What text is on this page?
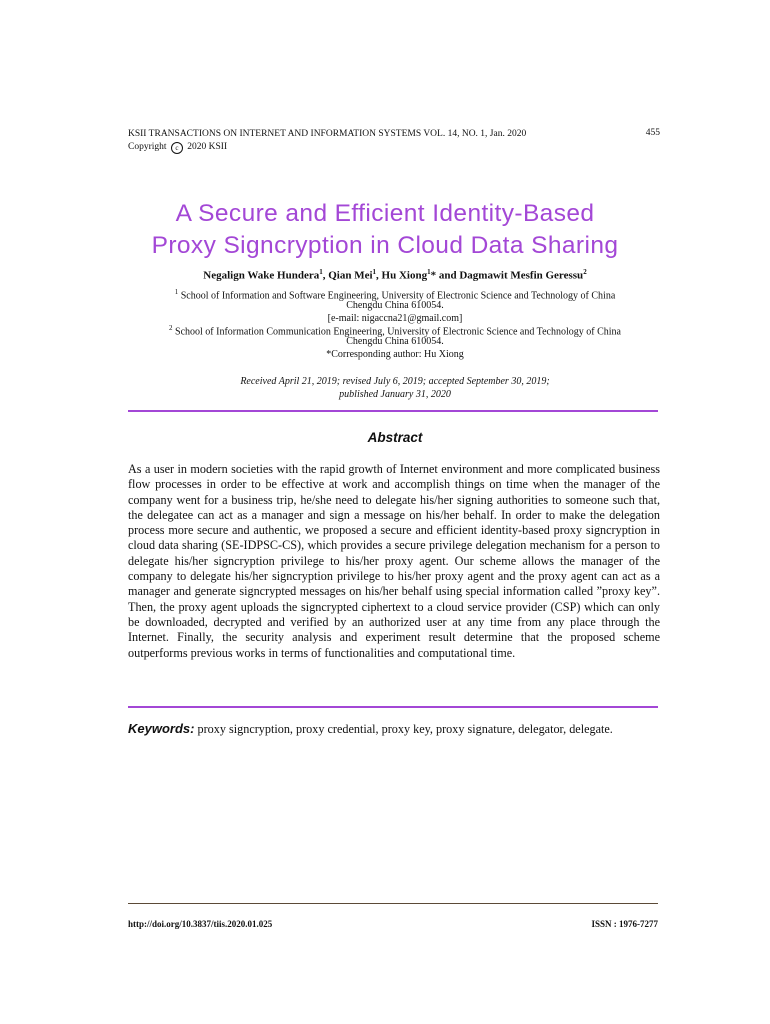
KSII TRANSACTIONS ON INTERNET AND INFORMATION SYSTEMS VOL. 14, NO. 1, Jan. 2020
Copyright c 2020 KSII
455
A Secure and Efficient Identity-Based
Proxy Signcryption in Cloud Data Sharing
Negalign Wake Hundera$^1$, Qian Mei$^1$, Hu Xiong$^1$* and Dagmawit Mesfin Geressu$^2$
$^1$ School of Information and Software Engineering, University of Electronic Science and Technology of China
Chengdu China 610054.
[e-mail: nigaccna21@gmail.com]
$^2$ School of Information Communication Engineering, University of Electronic Science and Technology of China
Chengdu China 610054.
*Corresponding author: Hu Xiong
Received April 21, 2019; revised July 6, 2019; accepted September 30, 2019;
published January 31, 2020
Abstract
As a user in modern societies with the rapid growth of Internet environment and more complicated business flow processes in order to be effective at work and accomplish things on time when the manager of the company went for a business trip, he/she need to delegate his/her signing authorities to someone such that, the delegatee can act as a manager and sign a message on his/her behalf. In order to make the delegation process more secure and authentic, we proposed a secure and efficient identity-based proxy signcryption in cloud data sharing (SE-IDPSC-CS), which provides a secure privilege delegation mechanism for a person to delegate his/her signcryption privilege to his/her proxy agent. Our scheme allows the manager of the company to delegate his/her signcryption privilege to his/her proxy agent and the proxy agent can act as a manager and generate signcrypted messages on his/her behalf using special information called ”proxy key”. Then, the proxy agent uploads the signcrypted ciphertext to a cloud service provider (CSP) which can only be downloaded, decrypted and verified by an authorized user at any time from any place through the Internet. Finally, the security analysis and experiment result determine that the proposed scheme outperforms previous works in terms of functionalities and computational time.
Keywords: proxy signcryption, proxy credential, proxy key, proxy signature, delegator, delegate.
http://doi.org/10.3837/tiis.2020.01.025	ISSN : 1976-7277
